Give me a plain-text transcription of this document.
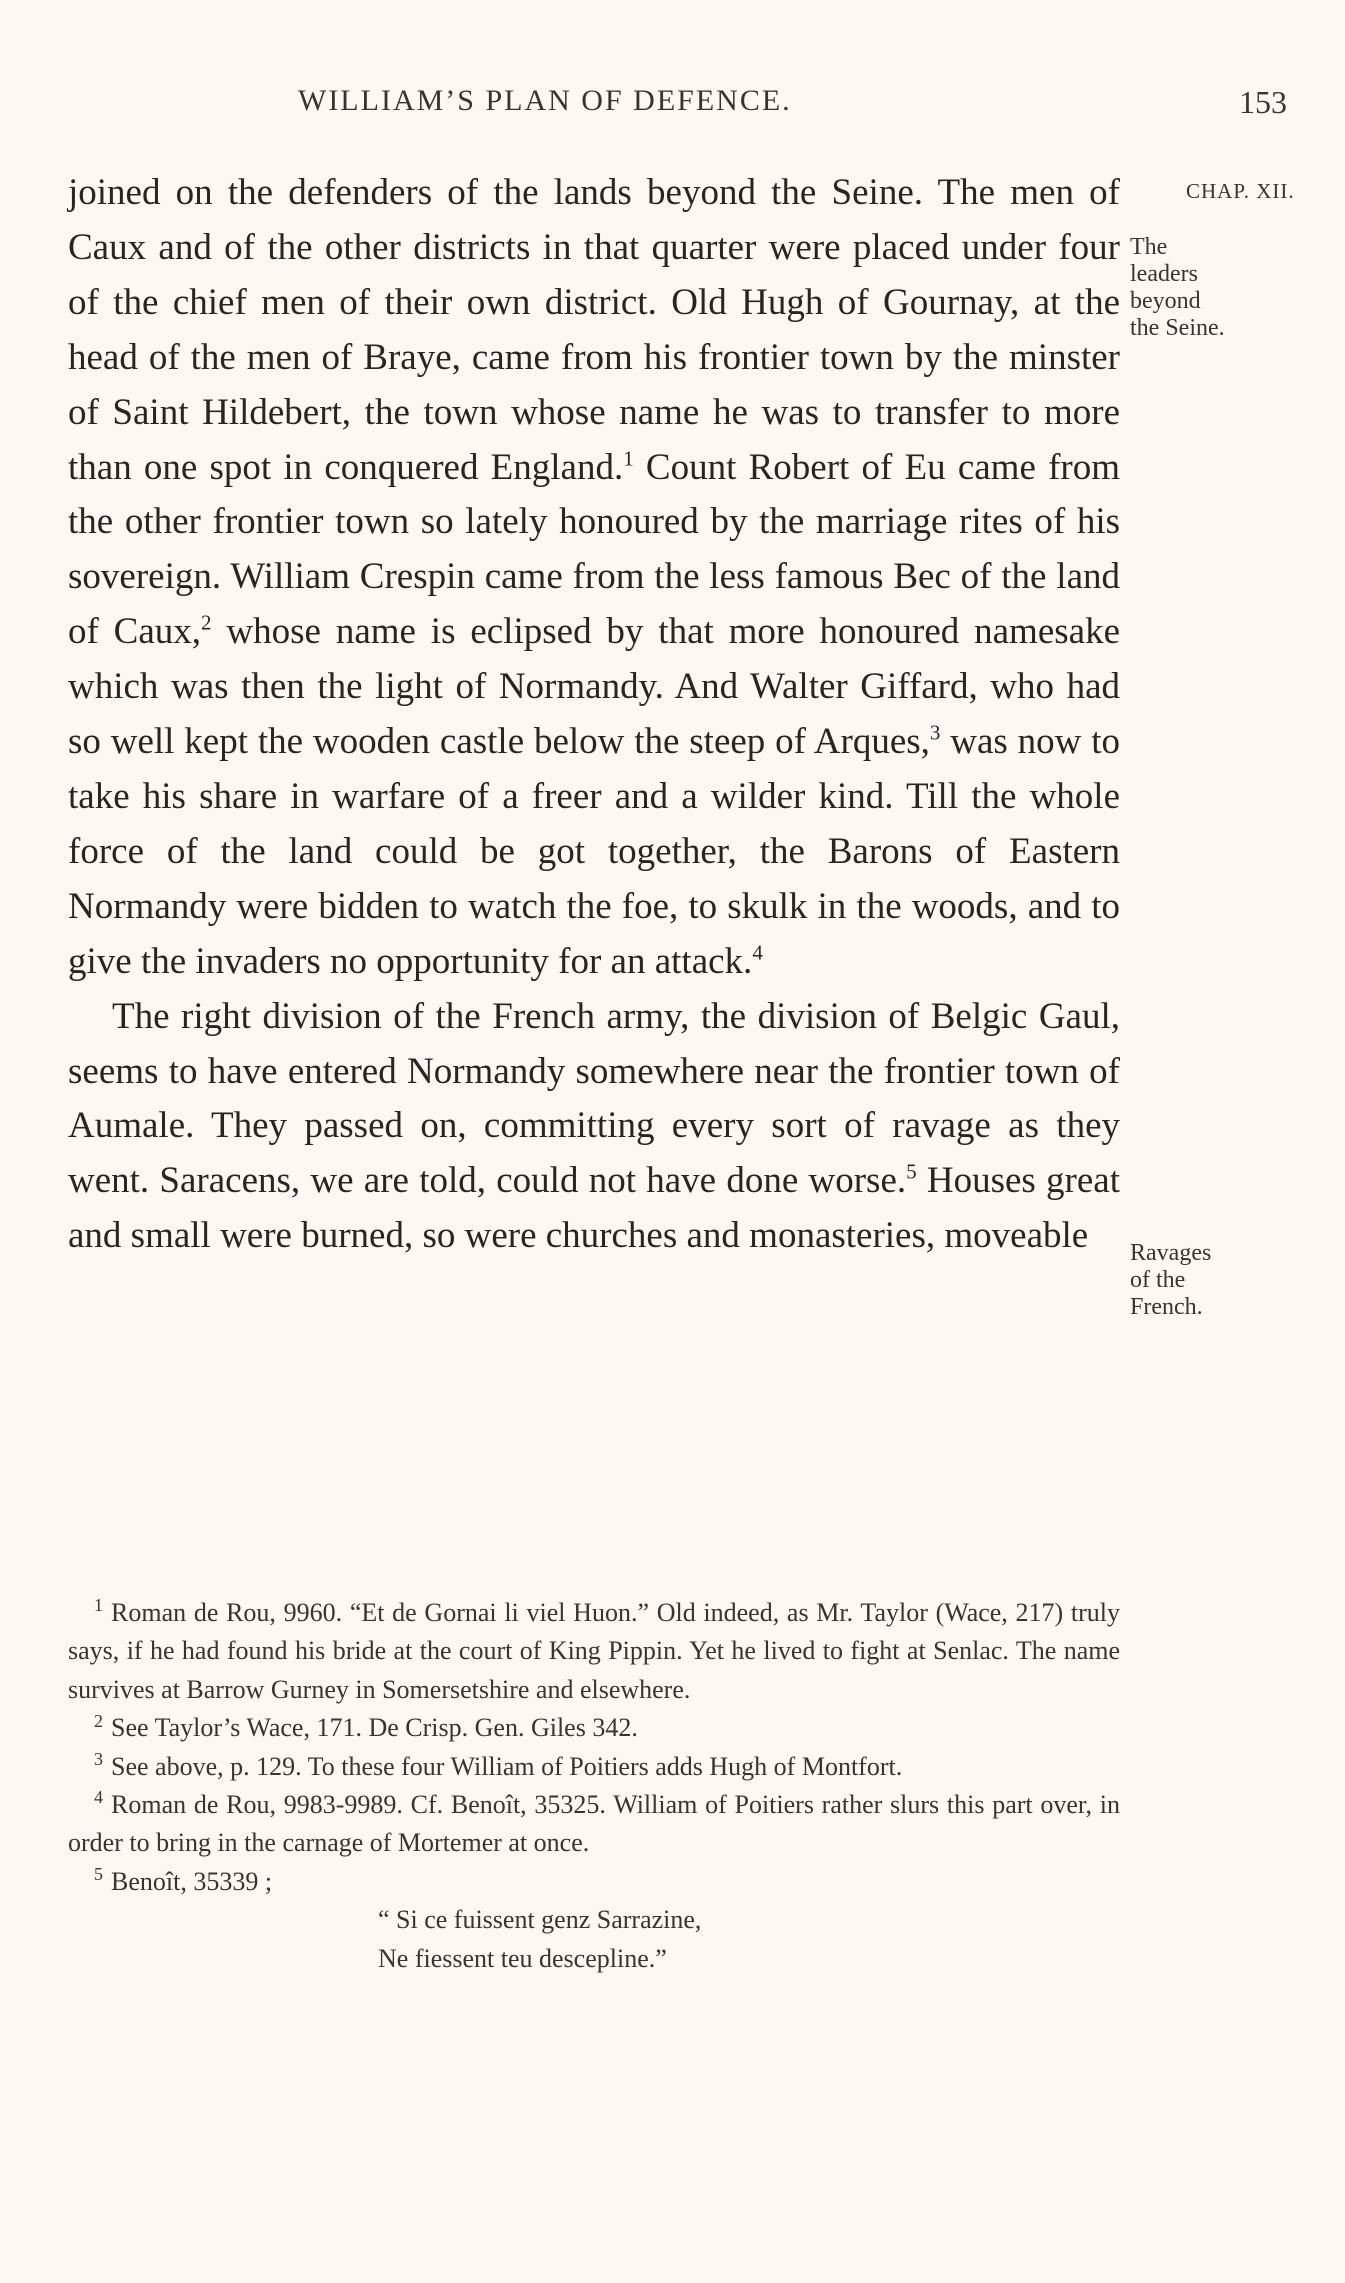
WILLIAM’S PLAN OF DEFENCE.	153

joined on the defenders of the lands beyond the Seine. The men of Caux and of the other districts in that quarter were placed under four of the chief men of their own district. Old Hugh of Gournay, at the head of the men of Braye, came from his frontier town by the minster of Saint Hildebert, the town whose name he was to transfer to more than one spot in conquered England.$^1$ Count Robert of Eu came from the other frontier town so lately honoured by the marriage rites of his sovereign. William Crespin came from the less famous Bec of the land of Caux,$^2$ whose name is eclipsed by that more honoured namesake which was then the light of Normandy. And Walter Giffard, who had so well kept the wooden castle below the steep of Arques,$^3$ was now to take his share in warfare of a freer and a wilder kind. Till the whole force of the land could be got together, the Barons of Eastern Normandy were bidden to watch the foe, to skulk in the woods, and to give the invaders no opportunity for an attack.$^4$

The right division of the French army, the division of Belgic Gaul, seems to have entered Normandy somewhere near the frontier town of Aumale. They passed on, committing every sort of ravage as they went. Saracens, we are told, could not have done worse.$^5$ Houses great and small were burned, so were churches and monasteries, moveable

CHAP. XII.
The
leaders
beyond
the Seine.
Ravages
of the
French.

$^1$ Roman de Rou, 9960. “Et de Gornai li viel Huon.” Old indeed, as Mr. Taylor (Wace, 217) truly says, if he had found his bride at the court of King Pippin. Yet he lived to fight at Senlac. The name survives at Barrow Gurney in Somersetshire and elsewhere.

$^2$ See Taylor’s Wace, 171. De Crisp. Gen. Giles 342.

$^3$ See above, p. 129. To these four William of Poitiers adds Hugh of Montfort.

$^4$ Roman de Rou, 9983-9989. Cf. Benoît, 35325. William of Poitiers rather slurs this part over, in order to bring in the carnage of Mortemer at once.

$^5$ Benoît, 35339 ;

“ Si ce fuissent genz Sarrazine,
Ne fiessent teu descepline.”
